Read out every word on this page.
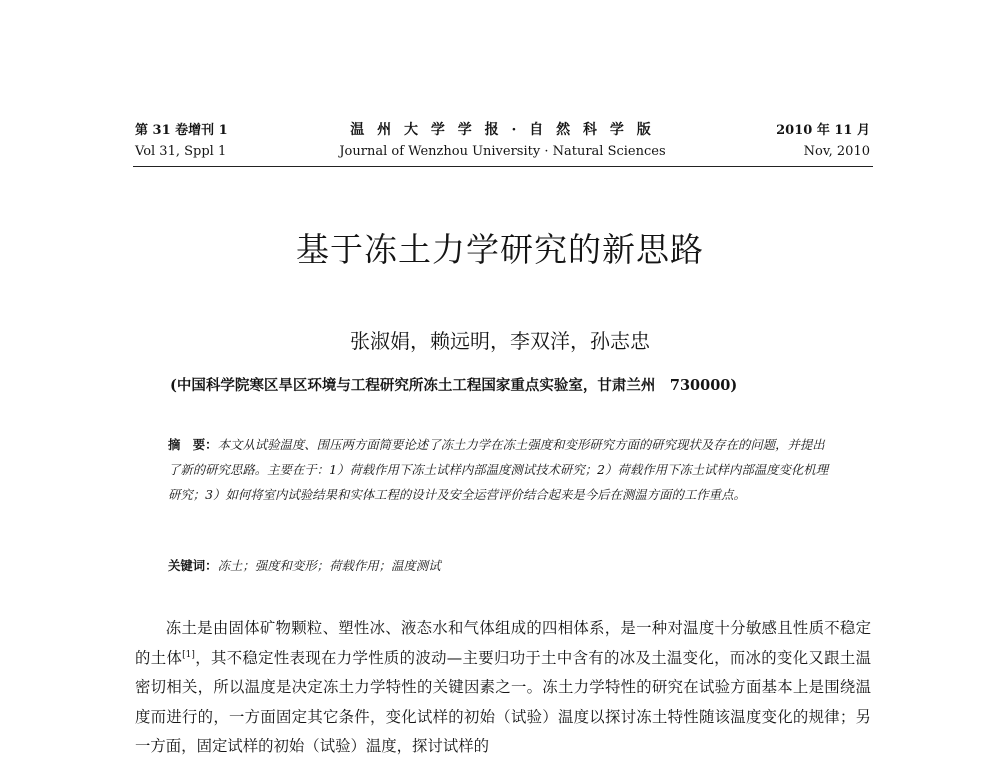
第 31 卷增刊 1
Vol 31, Sppl 1
温 州 大 学 学 报 · 自 然 科 学 版
Journal of Wenzhou University · Natural Sciences
2010 年 11 月
Nov, 2010
基于冻土力学研究的新思路
张淑娟，赖远明，李双洋，孙志忠
(中国科学院寒区旱区环境与工程研究所冻土工程国家重点实验室，甘肃兰州　730000)

摘　要：本文从试验温度、围压两方面简要论述了冻土力学在冻土强度和变形研究方面的研究现状及存在的问题，并提出了新的研究思路。主要在于：1）荷载作用下冻土试样内部温度测试技术研究；2）荷载作用下冻土试样内部温度变化机理研究；3）如何将室内试验结果和实体工程的设计及安全运营评价结合起来是今后在测温方面的工作重点。

关键词：冻土；强度和变形；荷载作用；温度测试

冻土是由固体矿物颗粒、塑性冰、液态水和气体组成的四相体系，是一种对温度十分敏感且性质不稳定的土体[1]，其不稳定性表现在力学性质的波动—主要归功于土中含有的冰及土温变化，而冰的变化又跟土温密切相关，所以温度是决定冻土力学特性的关键因素之一。冻土力学特性的研究在试验方面基本上是围绕温度而进行的，一方面固定其它条件，变化试样的初始（试验）温度以探讨冻土特性随该温度变化的规律；另一方面，固定试样的初始（试验）温度，探讨试样的
